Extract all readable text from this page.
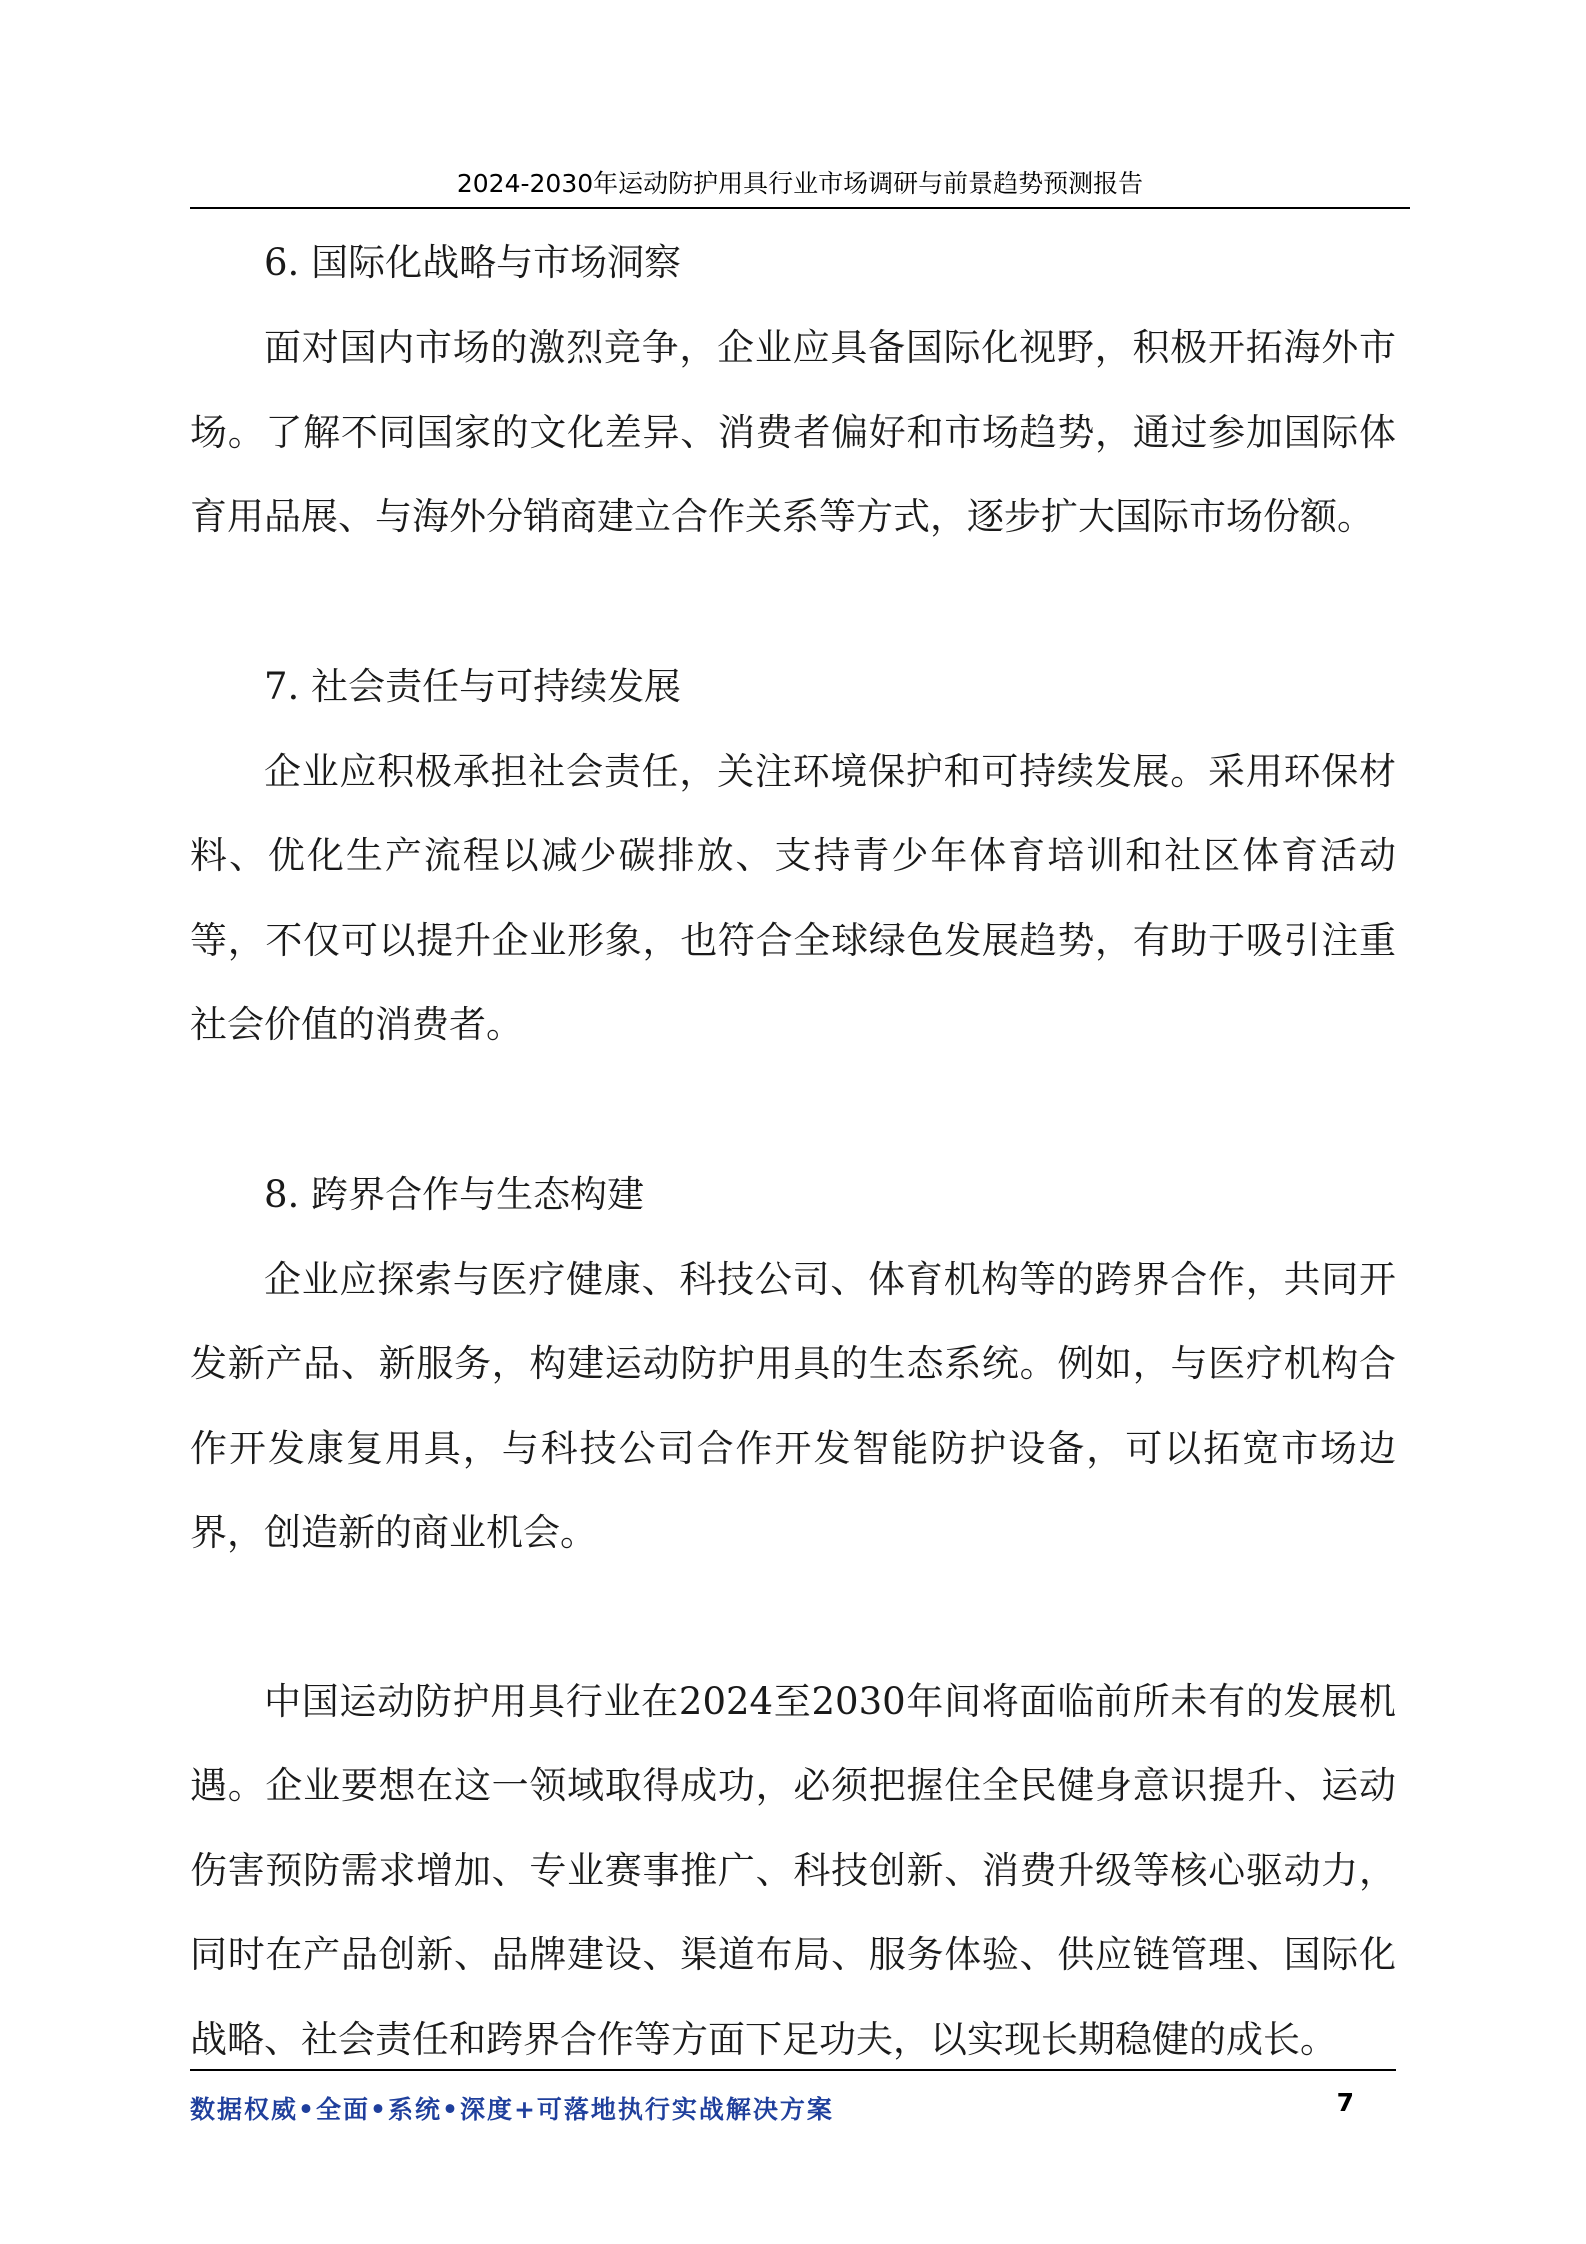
2024-2030年运动防护用具行业市场调研与前景趋势预测报告

6. 国际化战略与市场洞察

面对国内市场的激烈竞争，企业应具备国际化视野，积极开拓海外市场。了解不同国家的文化差异、消费者偏好和市场趋势，通过参加国际体育用品展、与海外分销商建立合作关系等方式，逐步扩大国际市场份额。

7. 社会责任与可持续发展

企业应积极承担社会责任，关注环境保护和可持续发展。采用环保材料、优化生产流程以减少碳排放、支持青少年体育培训和社区体育活动等，不仅可以提升企业形象，也符合全球绿色发展趋势，有助于吸引注重社会价值的消费者。

8. 跨界合作与生态构建

企业应探索与医疗健康、科技公司、体育机构等的跨界合作，共同开发新产品、新服务，构建运动防护用具的生态系统。例如，与医疗机构合作开发康复用具，与科技公司合作开发智能防护设备，可以拓宽市场边界，创造新的商业机会。

中国运动防护用具行业在2024至2030年间将面临前所未有的发展机遇。企业要想在这一领域取得成功，必须把握住全民健身意识提升、运动伤害预防需求增加、专业赛事推广、科技创新、消费升级等核心驱动力，同时在产品创新、品牌建设、渠道布局、服务体验、供应链管理、国际化战略、社会责任和跨界合作等方面下足功夫，以实现长期稳健的成长。

数据权威•全面•系统•深度+可落地执行实战解决方案	7
